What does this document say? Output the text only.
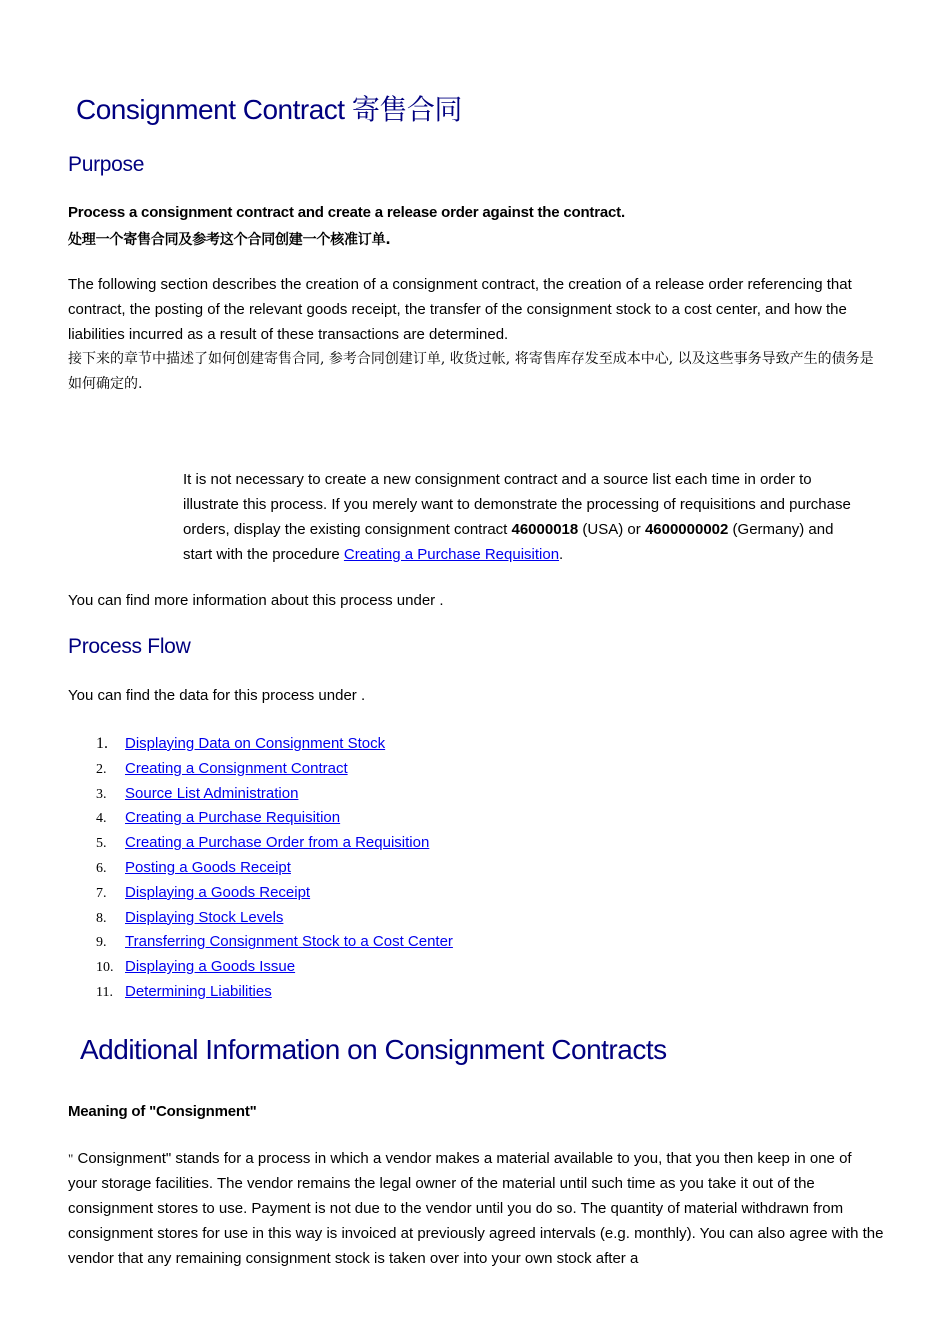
Consignment Contract 寄售合同
Purpose
Process a consignment contract and create a release order against the contract.
处理一个寄售合同及参考这个合同创建一个核准订单.

The following section describes the creation of a consignment contract, the creation of a release order referencing that contract, the posting of the relevant goods receipt, the transfer of the consignment stock to a cost center, and how the liabilities incurred as a result of these transactions are determined.

接下来的章节中描述了如何创建寄售合同, 参考合同创建订单, 收货过帐, 将寄售库存发至成本中心, 以及这些事务导致产生的债务是如何确定的.

It is not necessary to create a new consignment contract and a source list each time in order to illustrate this process. If you merely want to demonstrate the processing of requisitions and purchase orders, display the existing consignment contract 46000018 (USA) or 4600000002 (Germany) and start with the procedure Creating a Purchase Requisition.

You can find more information about this process under .

Process Flow

You can find the data for this process under .

1. Displaying Data on Consignment Stock
2. Creating a Consignment Contract
3. Source List Administration
4. Creating a Purchase Requisition
5. Creating a Purchase Order from a Requisition
6. Posting a Goods Receipt
7. Displaying a Goods Receipt
8. Displaying Stock Levels
9. Transferring Consignment Stock to a Cost Center
10. Displaying a Goods Issue
11. Determining Liabilities
Additional Information on Consignment Contracts
Meaning of "Consignment"

" Consignment" stands for a process in which a vendor makes a material available to you, that you then keep in one of your storage facilities. The vendor remains the legal owner of the material until such time as you take it out of the consignment stores to use. Payment is not due to the vendor until you do so. The quantity of material withdrawn from consignment stores for use in this way is invoiced at previously agreed intervals (e.g. monthly). You can also agree with the vendor that any remaining consignment stock is taken over into your own stock after a
